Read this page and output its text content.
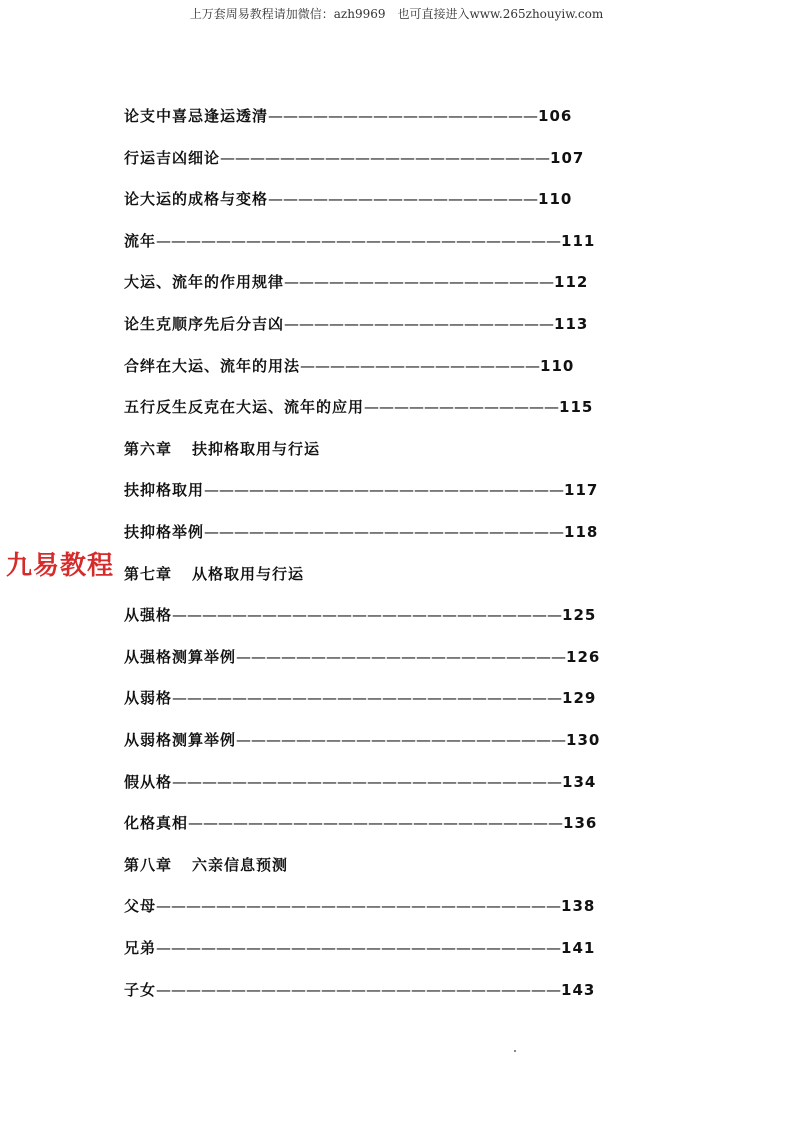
上万套周易教程请加微信：azh9969　也可直接进入www.265zhouyiw.com
论支中喜忌逢运透清——————————————————106
行运吉凶细论——————————————————————107
论大运的成格与变格——————————————————110
流年———————————————————————————111
大运、流年的作用规律——————————————————112
论生克顺序先后分吉凶——————————————————113
合绊在大运、流年的用法————————————————110
五行反生反克在大运、流年的应用—————————————115
第六章 扶抑格取用与行运
扶抑格取用————————————————————————117
扶抑格举例————————————————————————118
第七章 从格取用与行运
从强格——————————————————————————125
从强格测算举例——————————————————————126
从弱格——————————————————————————129
从弱格测算举例——————————————————————130
假从格——————————————————————————134
化格真相—————————————————————————136
第八章 六亲信息预测
父母———————————————————————————138
兄弟———————————————————————————141
子女———————————————————————————143
九易教程
